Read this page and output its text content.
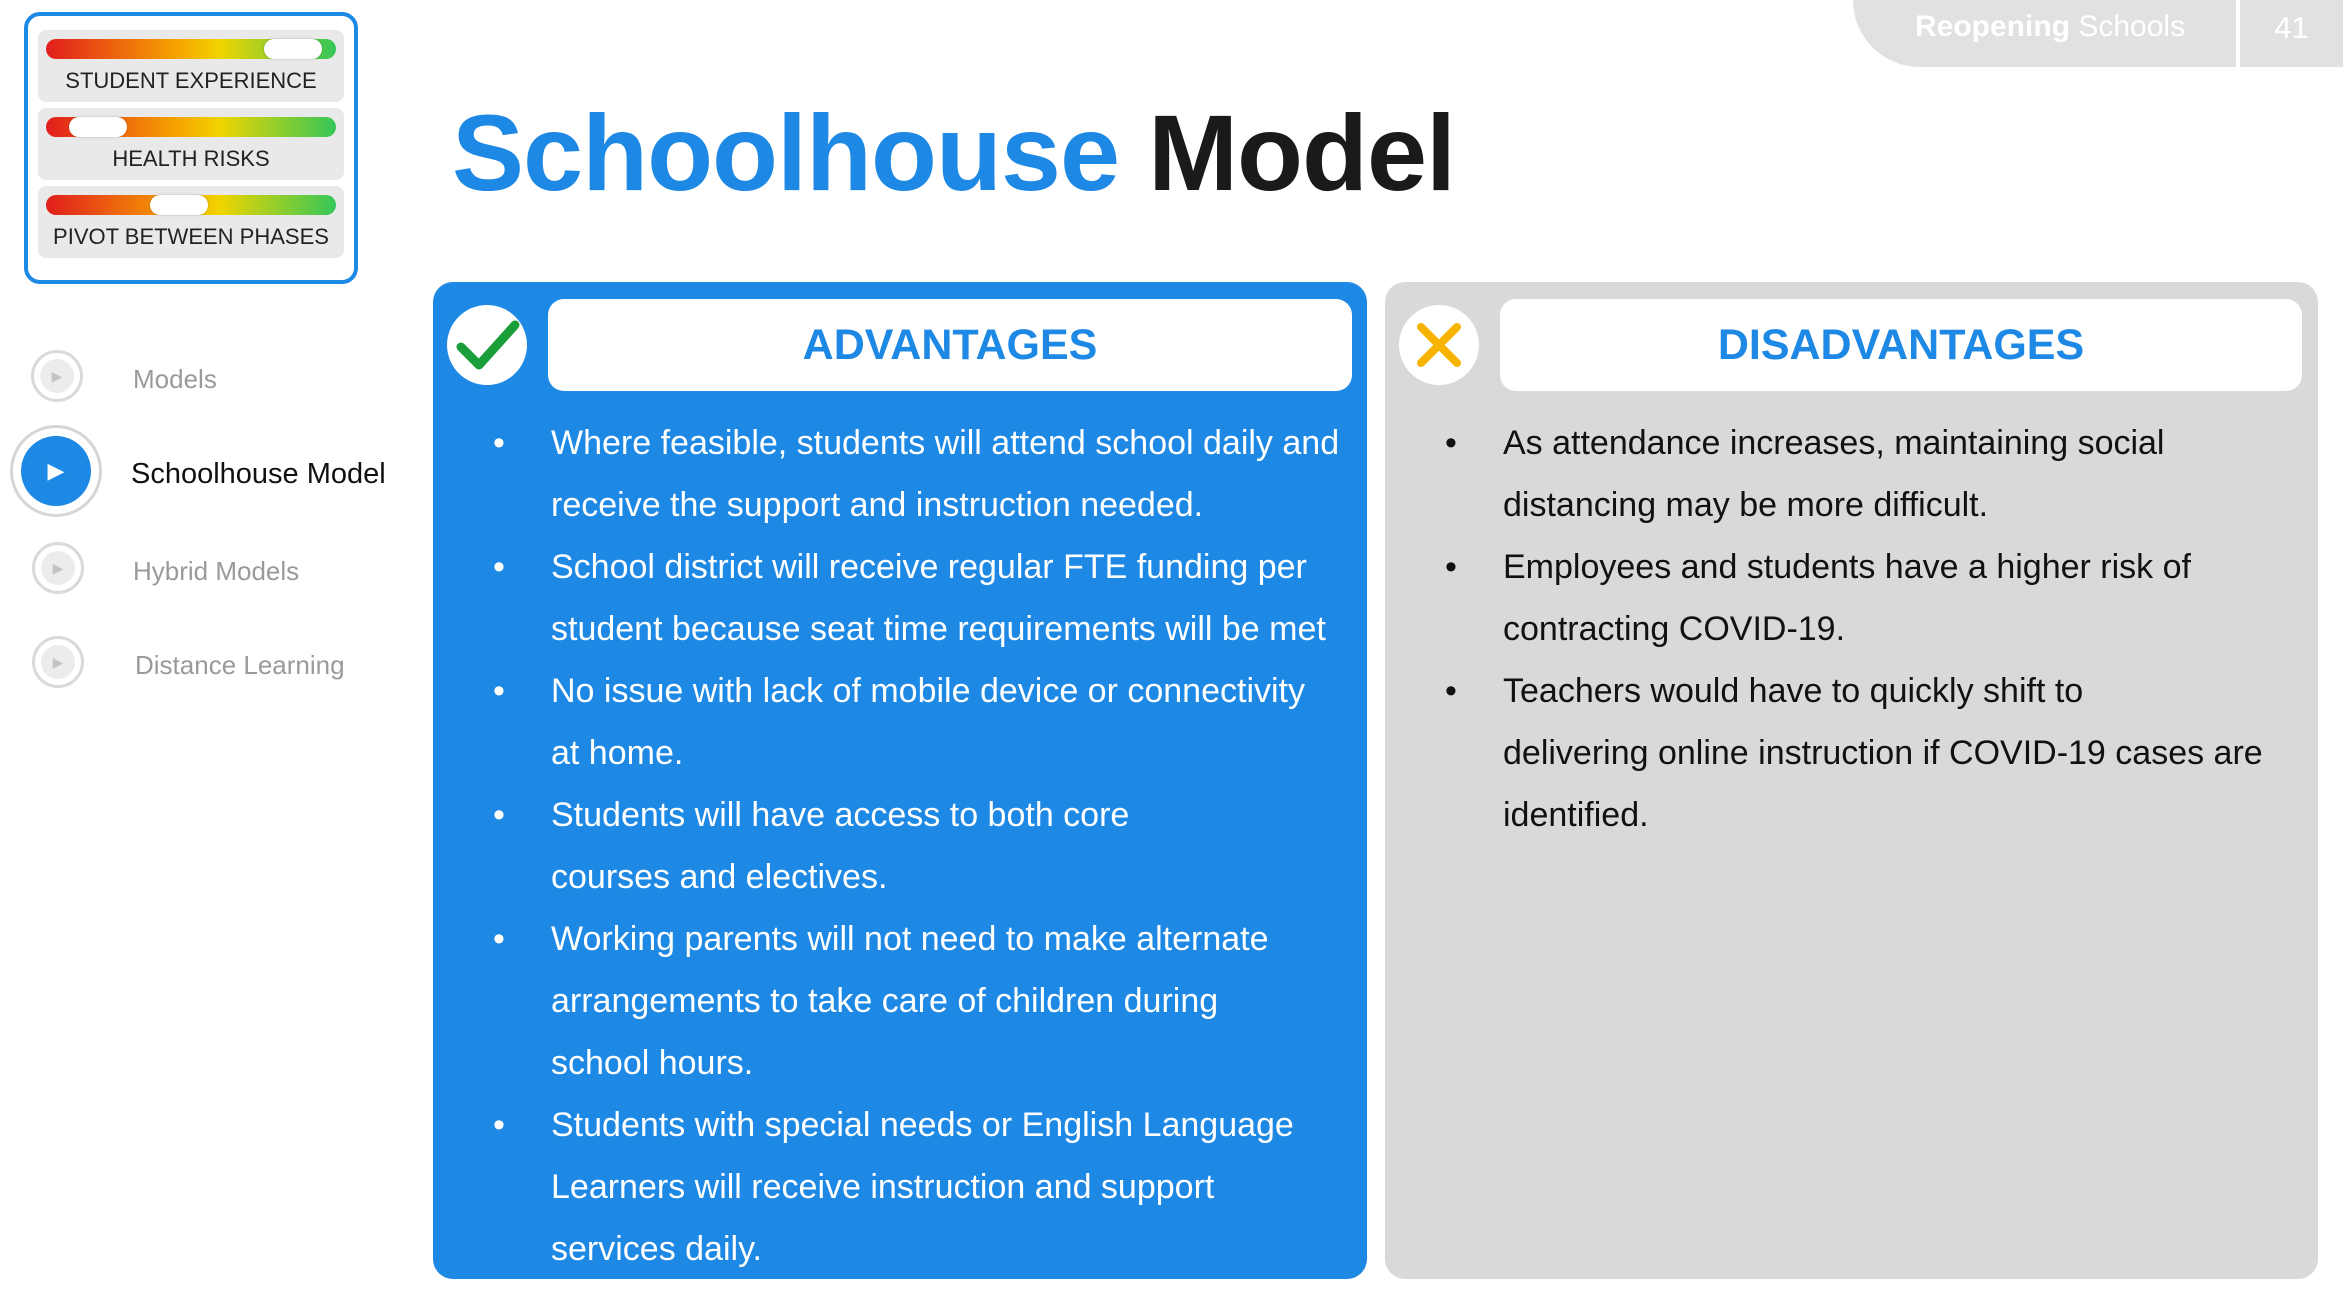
Reopening Schools	41
STUDENT EXPERIENCE
HEALTH RISKS
PIVOT BETWEEN PHASES
▶	Models
▶	Schoolhouse Model
▶	Hybrid Models
▶	Distance Learning
Schoolhouse Model
ADVANTAGES
• Where feasible, students will attend school daily and
receive the support and instruction needed.
• School district will receive regular FTE funding per
student because seat time requirements will be met
• No issue with lack of mobile device or connectivity
at home.
• Students will have access to both core
courses and electives.
• Working parents will not need to make alternate
arrangements to take care of children during
school hours.
• Students with special needs or English Language
Learners will receive instruction and support
services daily.
DISADVANTAGES
• As attendance increases, maintaining social
distancing may be more difficult.
• Employees and students have a higher risk of
contracting COVID-19.
• Teachers would have to quickly shift to
delivering online instruction if COVID-19 cases are
identified.
